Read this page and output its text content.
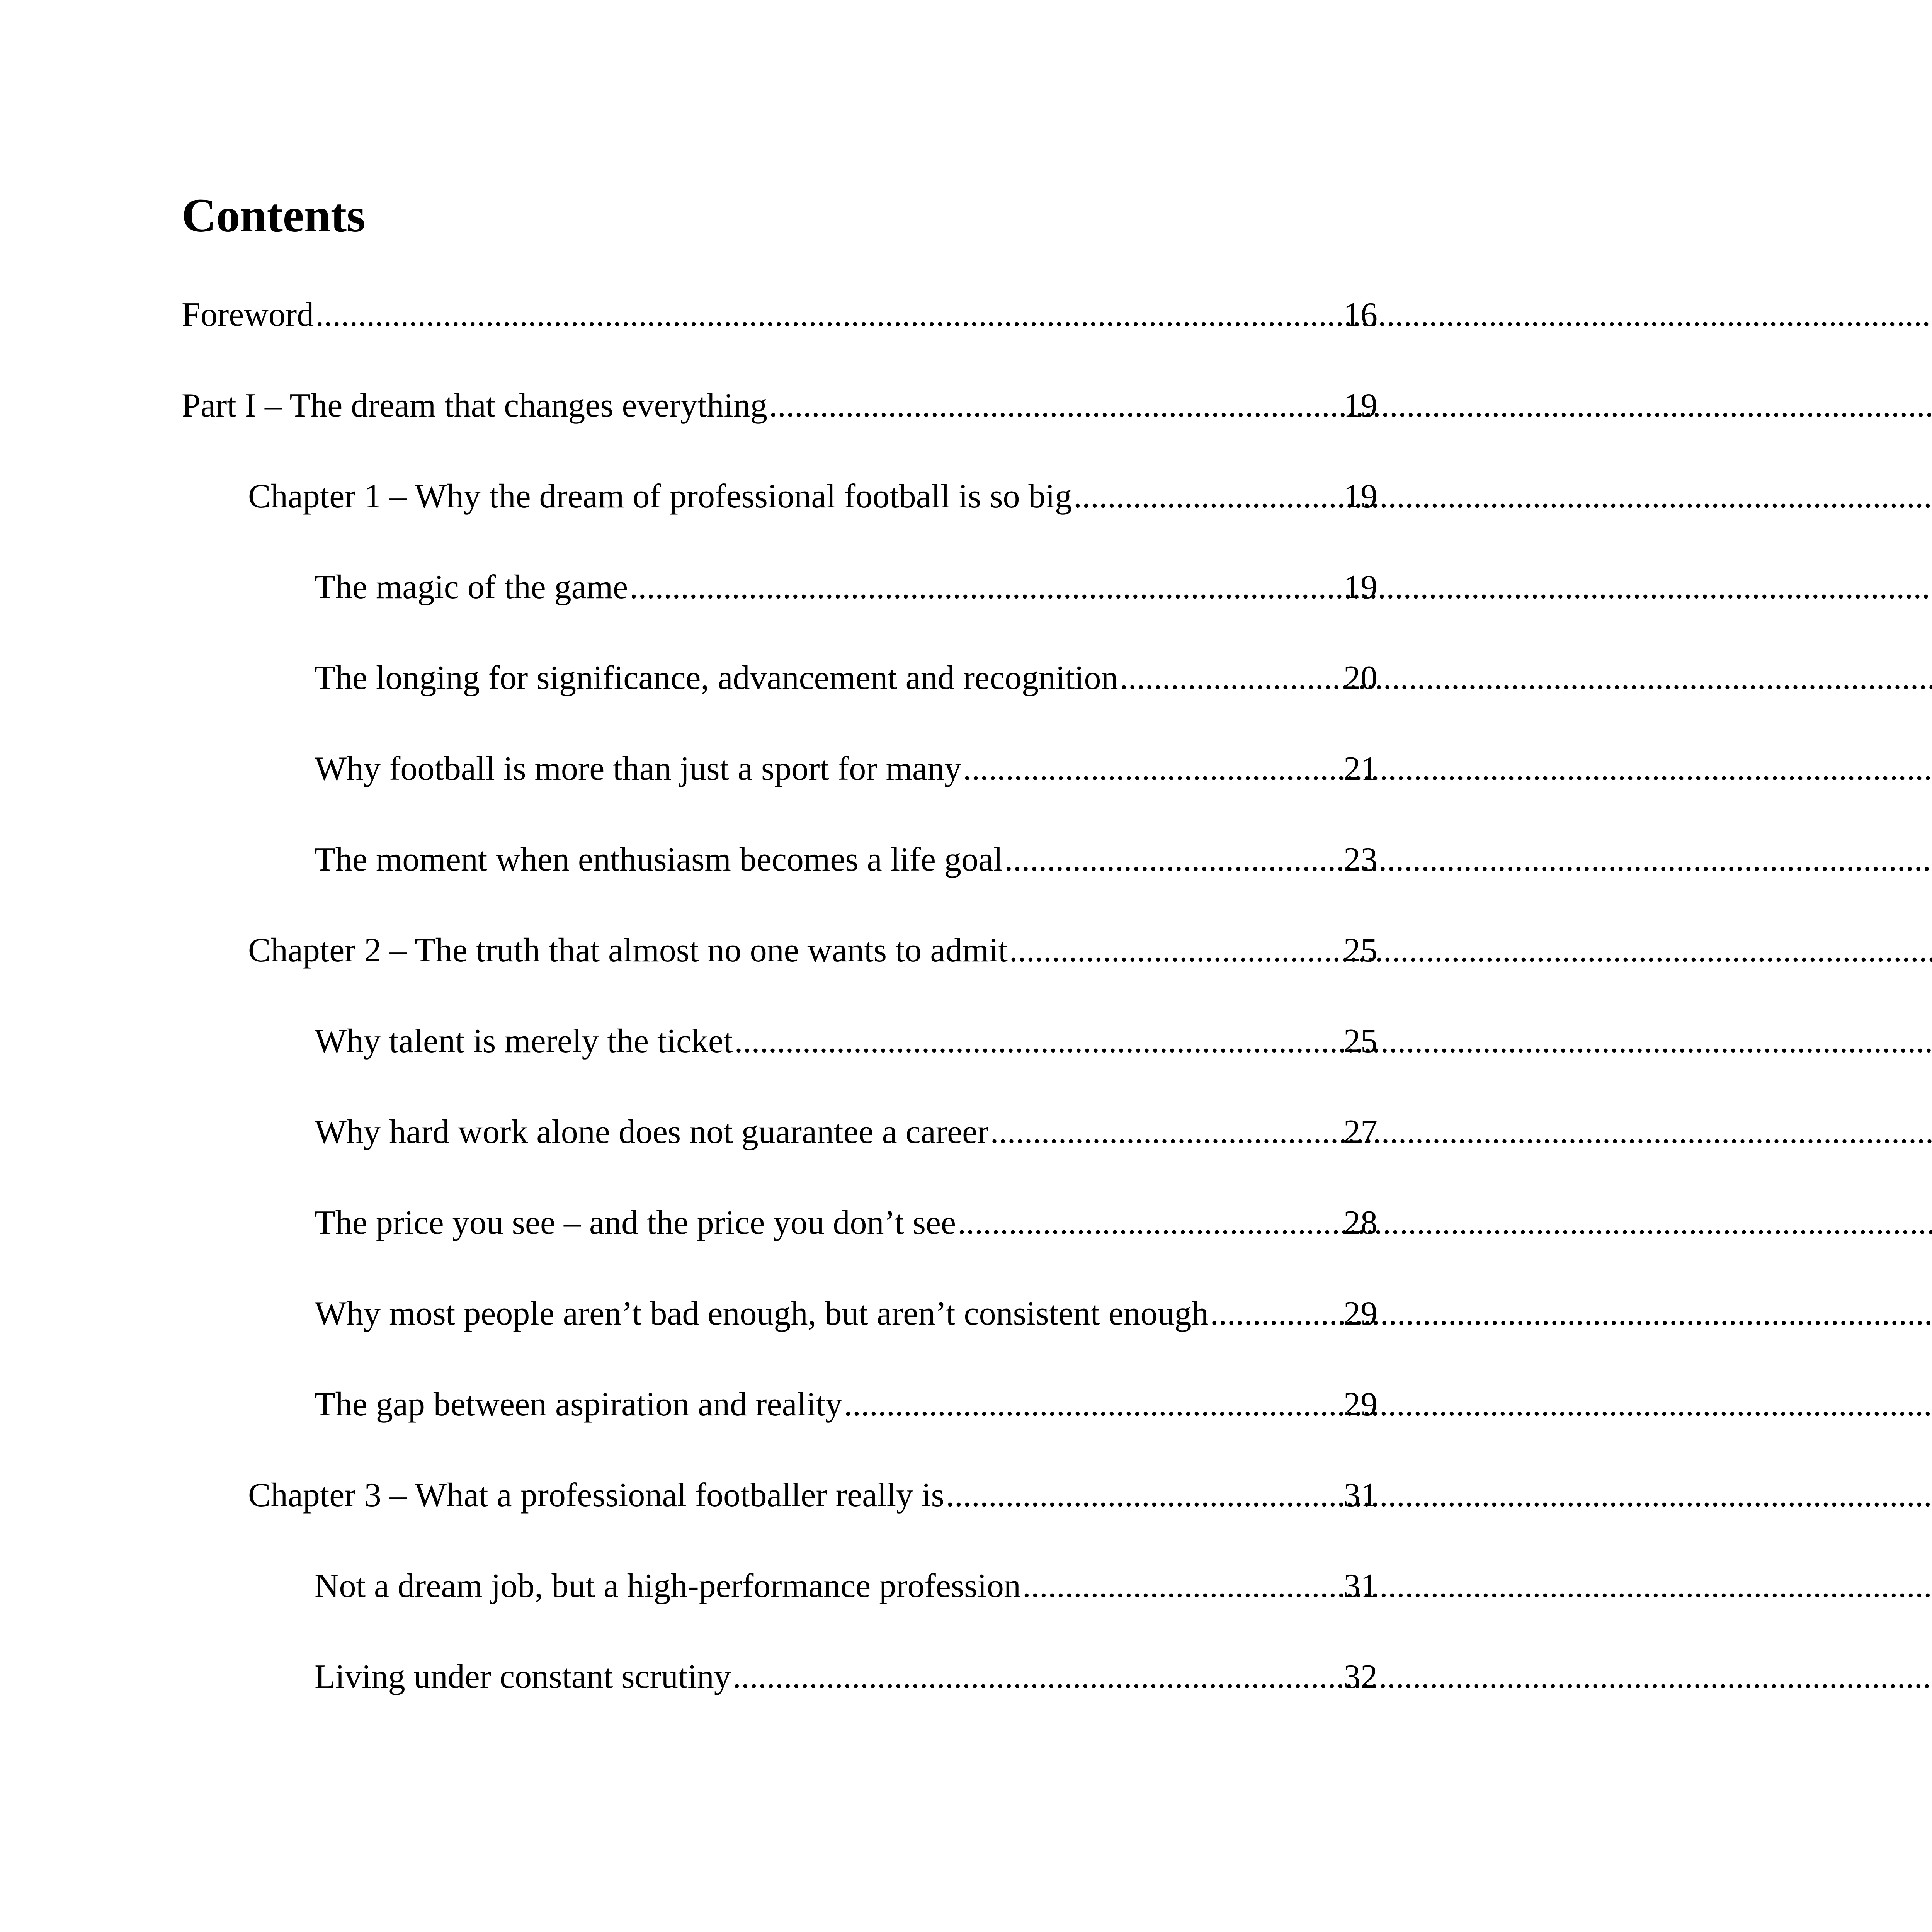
Contents
Foreword .....	16
Part I – The dream that changes everything .....	19
Chapter 1 – Why the dream of professional football is so big .....	19
The magic of the game .....	19
The longing for significance, advancement and recognition .....	20
Why football is more than just a sport for many .....	21
The moment when enthusiasm becomes a life goal .....	23
Chapter 2 – The truth that almost no one wants to admit .....	25
Why talent is merely the ticket .....	25
Why hard work alone does not guarantee a career .....	27
The price you see – and the price you don’t see .....	28
Why most people aren’t bad enough, but aren’t consistent enough .....	29
The gap between aspiration and reality .....	29
Chapter 3 – What a professional footballer really is .....	31
Not a dream job, but a high-performance profession .....	31
Living under constant scrutiny .....	32
